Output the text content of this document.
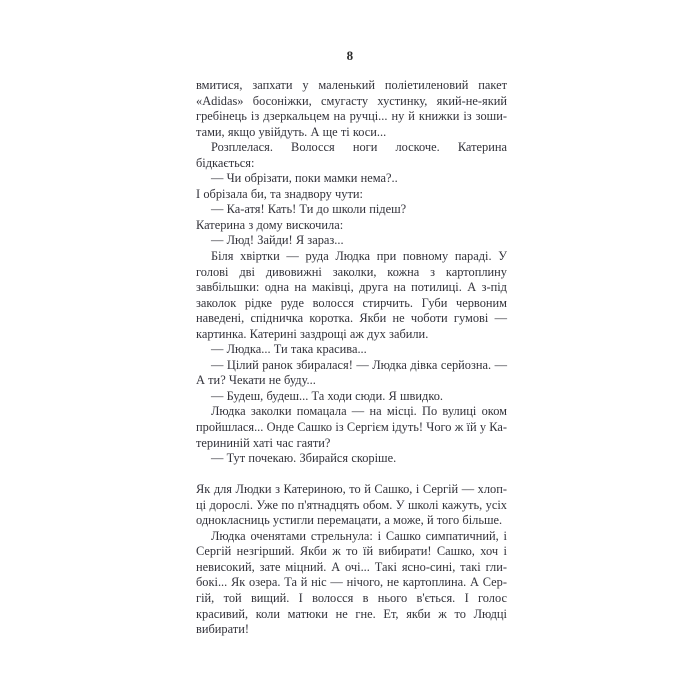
8

вмитися, запхати у маленький поліетиленовий пакет «Adidas» босоніжки, смугасту хустинку, який-не-який гребінець із дзеркальцем на ручці... ну й книжки із зошитами, якщо увійдуть. А ще ті коси...

Розплелася. Волосся ноги лоскоче. Катерина бідкається:

— Чи обрізати, поки мамки нема?..

І обрізала би, та знадвору чути:

— Ка-атя! Кать! Ти до школи підеш?

Катерина з дому вискочила:

— Люд! Зайди! Я зараз...

Біля хвіртки — руда Людка при повному параді. У голові дві дивовижні заколки, кожна з картоплину завбільшки: одна на маківці, друга на потилиці. А з-під заколок рідке руде волосся стирчить. Губи червоним наведені, спідничка коротка. Якби не чоботи гумові — картинка. Катерині заздрощі аж дух забили.

— Людка... Ти така красива...

— Цілий ранок збиралася! — Людка дівка серйозна. — А ти? Чекати не буду...

— Будеш, будеш... Та ходи сюди. Я швидко.

Людка заколки помацала — на місці. По вулиці оком пройшлася... Онде Сашко із Сергієм ідуть! Чого ж їй у Катерининій хаті час гаяти?

— Тут почекаю. Збирайся скоріше.

Як для Людки з Катериною, то й Сашко, і Сергій — хлопці дорослі. Уже по п'ятнадцять обом. У школі кажуть, усіх однокласниць устигли перемацати, а може, й того більше.

Людка оченятами стрельнула: і Сашко симпатичний, і Сергій незгірший. Якби ж то їй вибирати! Сашко, хоч і невисокий, зате міцний. А очі... Такі ясно-сині, такі глибокі... Як озера. Та й ніс — нічого, не картоплина. А Сергій, той вищий. І волосся в нього в'ється. І голос красивий, коли матюки не гне. Ет, якби ж то Людці вибирати!
